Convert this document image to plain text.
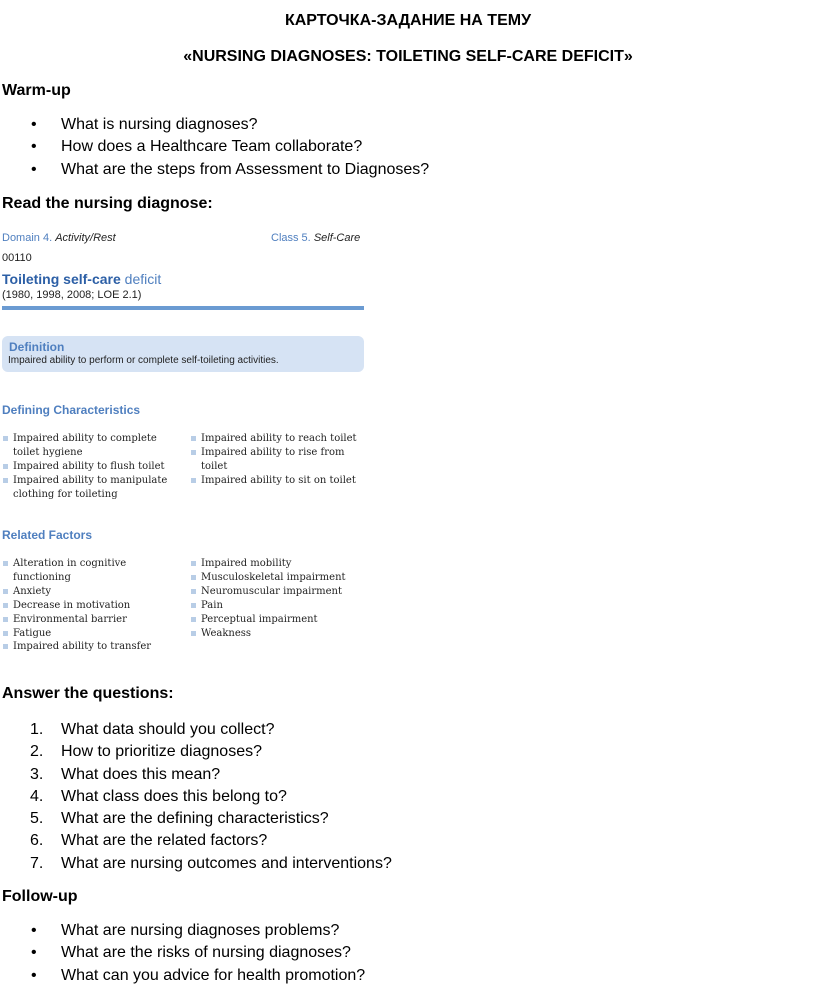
КАРТОЧКА-ЗАДАНИЕ НА ТЕМУ
«NURSING DIAGNOSES: TOILETING SELF-CARE DEFICIT»
Warm-up
• What is nursing diagnoses?
• How does a Healthcare Team collaborate?
• What are the steps from Assessment to Diagnoses?
Read the nursing diagnose:
Domain 4. Activity/Rest	Class 5. Self-Care
00110
Toileting self-care deficit
(1980, 1998, 2008; LOE 2.1)
Definition
Impaired ability to perform or complete self-toileting activities.
Defining Characteristics
Impaired ability to complete toilet hygiene
Impaired ability to flush toilet
Impaired ability to manipulate clothing for toileting
Impaired ability to reach toilet
Impaired ability to rise from toilet
Impaired ability to sit on toilet
Related Factors
Alteration in cognitive functioning
Anxiety
Decrease in motivation
Environmental barrier
Fatigue
Impaired ability to transfer
Impaired mobility
Musculoskeletal impairment
Neuromuscular impairment
Pain
Perceptual impairment
Weakness
Answer the questions:
1. What data should you collect?
2. How to prioritize diagnoses?
3. What does this mean?
4. What class does this belong to?
5. What are the defining characteristics?
6. What are the related factors?
7. What are nursing outcomes and interventions?
Follow-up
• What are nursing diagnoses problems?
• What are the risks of nursing diagnoses?
• What can you advice for health promotion?
